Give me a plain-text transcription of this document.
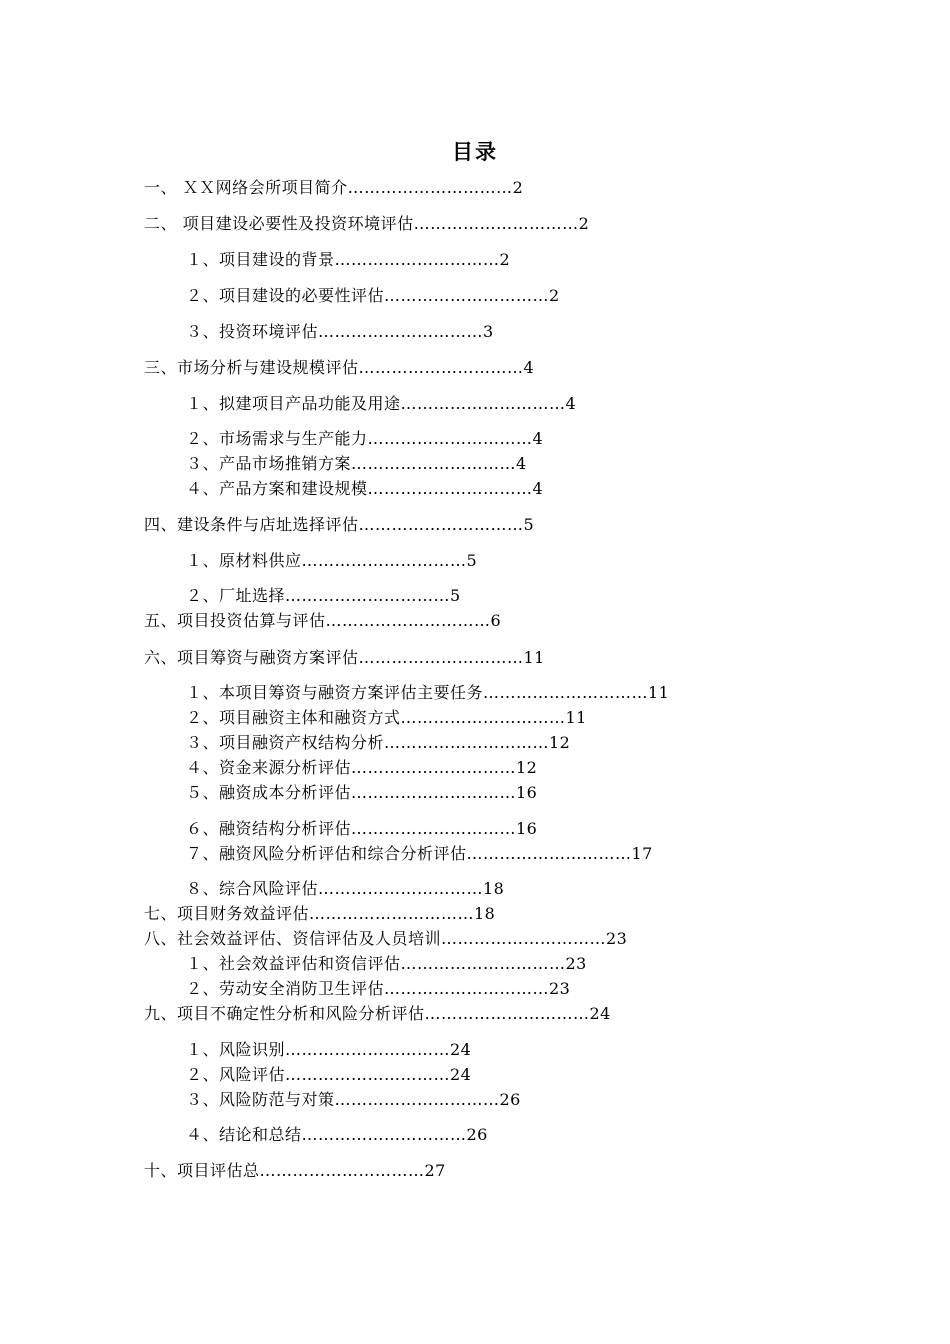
目录
一、 ＸＸ网络会所项目简介…………………………2
二、 项目建设必要性及投资环境评估…………………………2
１、项目建设的背景…………………………2
２、项目建设的必要性评估…………………………2
３、投资环境评估…………………………3
三、市场分析与建设规模评估…………………………4
１、拟建项目产品功能及用途…………………………4
２、市场需求与生产能力…………………………4
３、产品市场推销方案…………………………4
４、产品方案和建设规模…………………………4
四、建设条件与店址选择评估…………………………5
１、原材料供应…………………………5
２、厂址选择…………………………5
五、项目投资估算与评估…………………………6
六、项目筹资与融资方案评估…………………………11
１、本项目筹资与融资方案评估主要任务…………………………11
２、项目融资主体和融资方式…………………………11
３、项目融资产权结构分析…………………………12
４、资金来源分析评估…………………………12
５、融资成本分析评估…………………………16
６、融资结构分析评估…………………………16
７、融资风险分析评估和综合分析评估…………………………17
８、综合风险评估…………………………18
七、项目财务效益评估…………………………18
八、社会效益评估、资信评估及人员培训…………………………23
１、社会效益评估和资信评估…………………………23
２、劳动安全消防卫生评估…………………………23
九、项目不确定性分析和风险分析评估…………………………24
１、风险识别…………………………24
２、风险评估…………………………24
３、风险防范与对策…………………………26
４、结论和总结…………………………26
十、项目评估总…………………………27
